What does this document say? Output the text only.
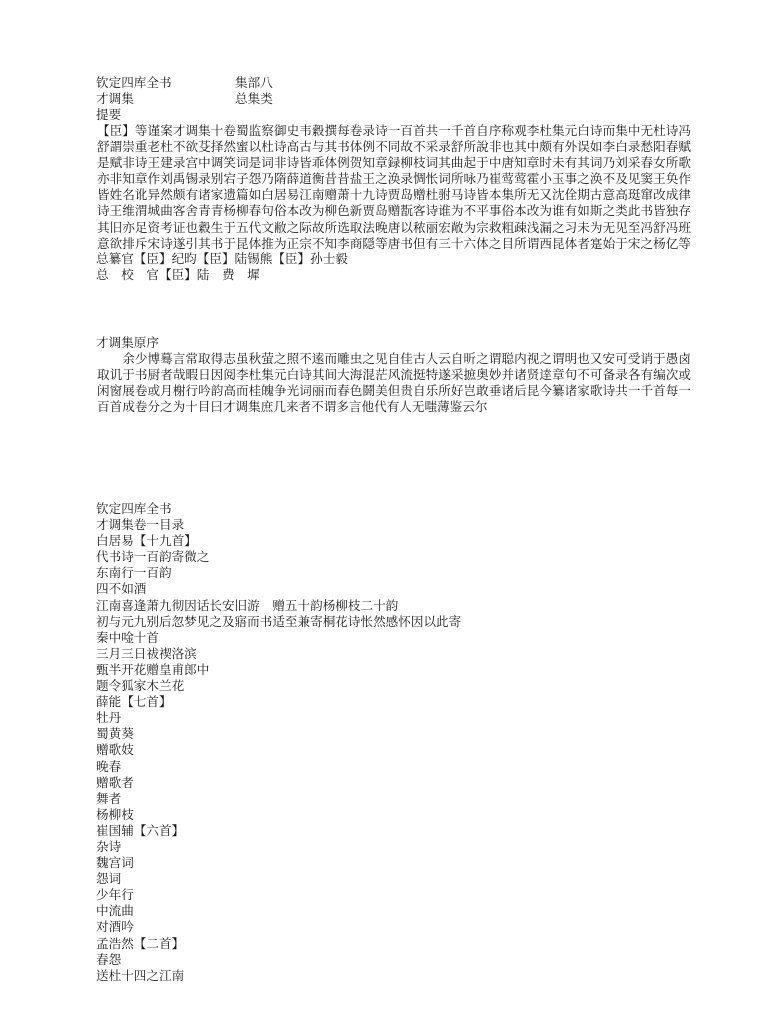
钦定四库全书	集部八
才调集	总集类
提要
【臣】等谨案才调集十卷蜀监察御史韦縠撰每卷录诗一百首共一千首自序称观李杜集元白诗而集中无杜诗冯舒謂崇重老杜不欲芟择然蜜以杜诗高古与其书体例不同故不采录舒所說非也其中颇有外误如李白录愁阳春赋是赋非诗王建录宫中调笑词是词非诗皆乖体例贺知章録柳枝词其曲起于中唐知章时未有其词乃刘采春女所歌亦非知章作刘禹锡录别宕子怨乃隋薛道衡昔昔盐王之涣录惆怅词所咏乃崔莺莺霍小玉事之涣不及见窦王奂作皆姓名讹异然颇有诸家遗篇如白居易江南赠萧十九诗贾岛赠杜驸马诗皆本集所无又沈佺期古意高珽窜改成律诗王维渭城曲客舍青青杨柳春句俗本改为柳色新贾岛赠翫客诗谁为不平事俗本改为谁有如斯之类此书皆独存其旧亦足资考证也縠生于五代文敝之际故所选取法晚唐以秾丽宏敞为宗救粗疎浅漏之习未为无见至冯舒冯班意欲排斥宋诗遂引其书于昆体推为正宗不知李商隠等唐书但有三十六体之目所谓西昆体者寔始于宋之杨亿等
总纂官【臣】纪昀【臣】陆锡熊【臣】孙士毅
总　校　官【臣】陆　费　墀
才调集原序
余少博蓦言常取得志虽秋萤之照不逺而雕虫之见自佳古人云自昕之谓聪内视之谓明也又安可受诮于愚卤取讥于书厨者哉暇日因阅李杜集元白诗其间大海混茫风流挺特遂采摭奥妙并诸贤逹章句不可备录各有编次或闲窗展卷或月榭行吟韵高而桂魄争光词丽而春色鬪美但贵自乐所好岂敢垂诸后昆今纂诸家歌诗共一千首每一百首成卷分之为十目曰才调集庶几来者不谓多言他代有人无嗤薄鉴云尔
钦定四库全书
才调集卷一目录
白居易【十九首】
代书诗一百韵寄微之
东南行一百韵
四不如酒
江南喜逢萧九彻因话长安旧游　赠五十韵杨柳枝二十韵
初与元九别后忽梦见之及寤而书适至兼寄桐花诗怅然感怀因以此寄
秦中唫十首
三月三日祓禊洛滨
甄半开花赠皇甫郎中
题令狐家木兰花
薛能【七首】
牡丹
蜀黄葵
赠歌妓
晚春
赠歌者
舞者
杨柳枝
崔国辅【六首】
杂诗
魏宫词
怨词
少年行
中流曲
对酒吟
孟浩然【二首】
春怨
送杜十四之江南
